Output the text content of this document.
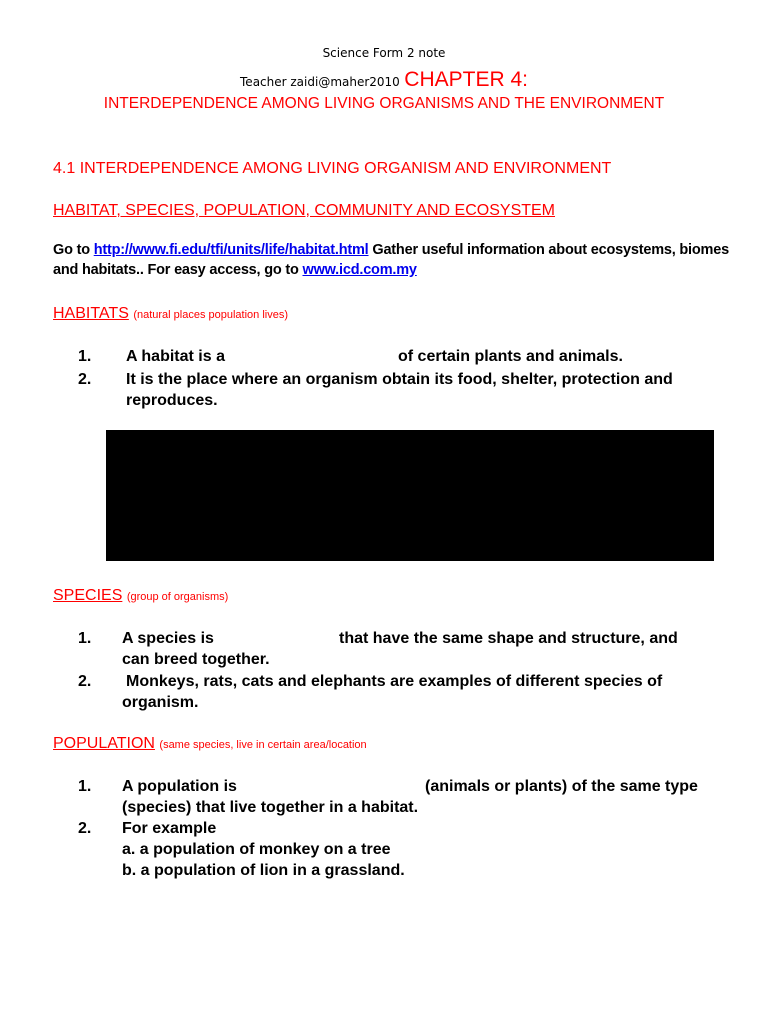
Science Form 2 note
Teacher zaidi@maher2010 CHAPTER 4:
INTERDEPENDENCE AMONG LIVING ORGANISMS AND THE ENVIRONMENT
4.1 INTERDEPENDENCE AMONG LIVING ORGANISM AND ENVIRONMENT
HABITAT, SPECIES, POPULATION, COMMUNITY AND ECOSYSTEM
Go to http://www.fi.edu/tfi/units/life/habitat.html Gather useful information about ecosystems, biomes
and habitats.. For easy access, go to www.icd.com.my
HABITATS (natural places population lives)
1. A habitat is a	of certain plants and animals.
2. It is the place where an organism obtain its food, shelter, protection and
reproduces.
SPECIES (group of organisms)
1. A species is	that have the same shape and structure, and
can breed together.
2. Monkeys, rats, cats and elephants are examples of different species of
organism.
POPULATION (same species, live in certain area/location
1. A population is	(animals or plants) of the same type
(species) that live together in a habitat.
2. For example
a. a population of monkey on a tree
b. a population of lion in a grassland.
